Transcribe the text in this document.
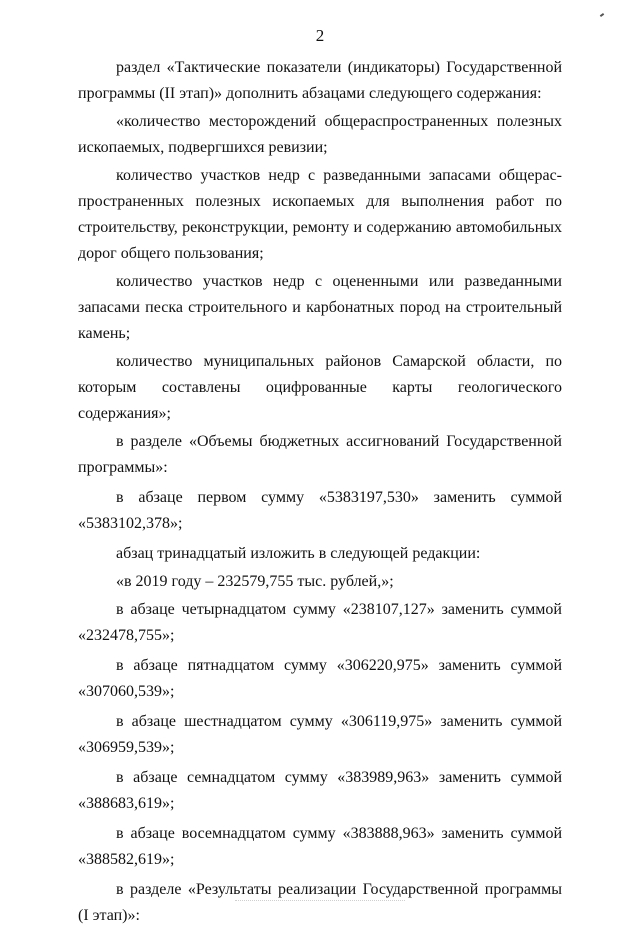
2

раздел «Тактические показатели (индикаторы) Государственной программы (II этап)» дополнить абзацами следующего содержания:

«количество месторождений общераспространенных полезных ископаемых, подвергшихся ревизии;

количество участков недр с разведанными запасами общерас-пространенных полезных ископаемых для выполнения работ по строительству, реконструкции, ремонту и содержанию автомобильных дорог общего пользования;

количество участков недр с оцененными или разведанными запасами песка строительного и карбонатных пород на строительный камень;

количество муниципальных районов Самарской области, по которым составлены оцифрованные карты геологического содержания»;

в разделе «Объемы бюджетных ассигнований Государственной программы»:

в абзаце первом сумму «5383197,530» заменить суммой «5383102,378»;

абзац тринадцатый изложить в следующей редакции:

«в 2019 году – 232579,755 тыс. рублей,»;

в абзаце четырнадцатом сумму «238107,127» заменить суммой «232478,755»;

в абзаце пятнадцатом сумму «306220,975» заменить суммой «307060,539»;

в абзаце шестнадцатом сумму «306119,975» заменить суммой «306959,539»;

в абзаце семнадцатом сумму «383989,963» заменить суммой «388683,619»;

в абзаце восемнадцатом сумму «383888,963» заменить суммой «388582,619»;

в разделе «Результаты реализации Государственной программы (I этап)»:
